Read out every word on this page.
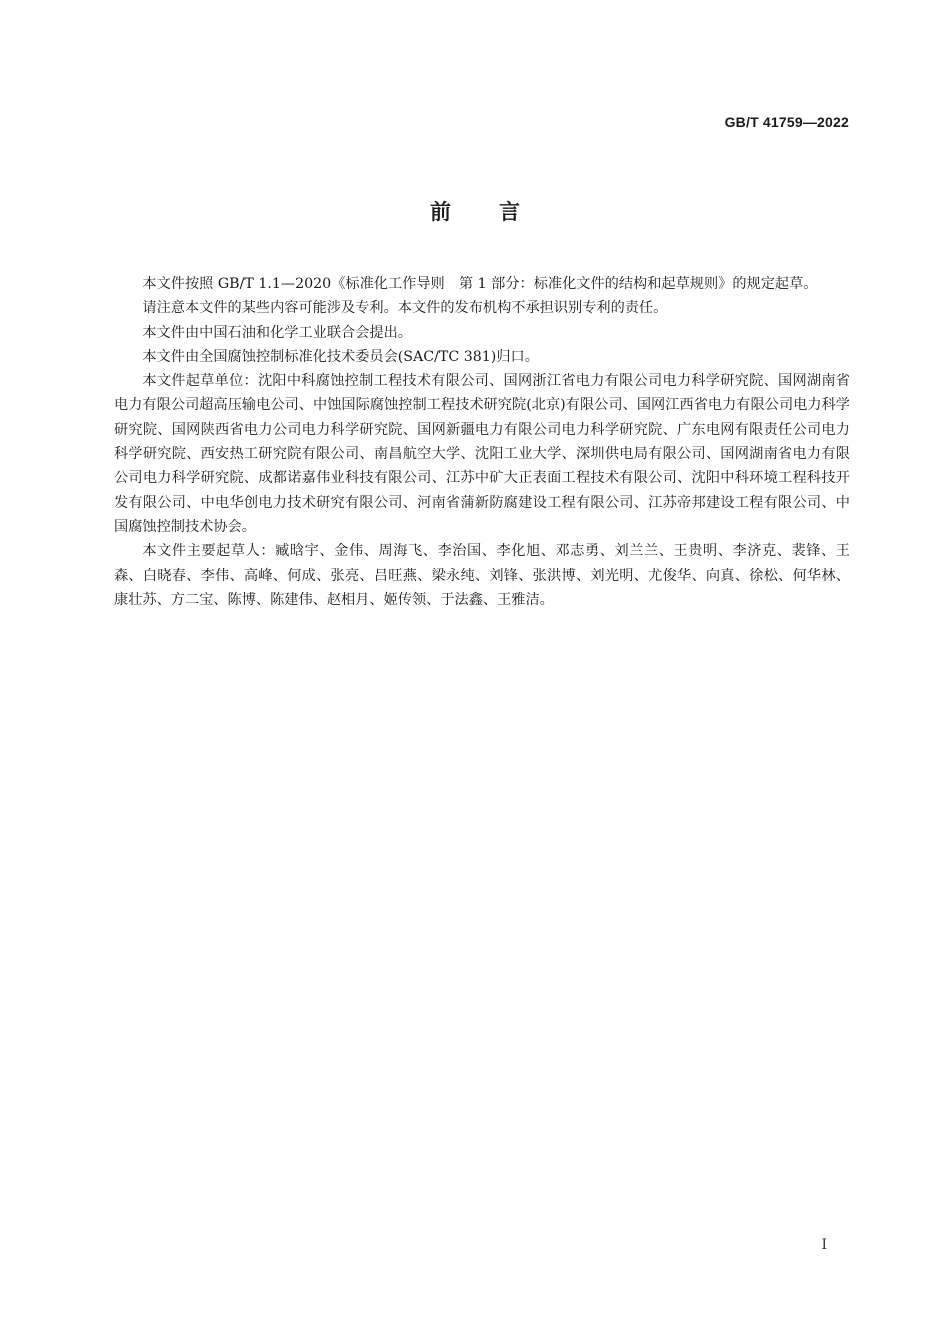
GB/T 41759—2022
前 言

本文件按照 GB/T 1.1—2020《标准化工作导则　第 1 部分：标准化文件的结构和起草规则》的规定起草。

请注意本文件的某些内容可能涉及专利。本文件的发布机构不承担识别专利的责任。

本文件由中国石油和化学工业联合会提出。

本文件由全国腐蚀控制标准化技术委员会(SAC/TC 381)归口。

本文件起草单位：沈阳中科腐蚀控制工程技术有限公司、国网浙江省电力有限公司电力科学研究院、国网湖南省电力有限公司超高压输电公司、中蚀国际腐蚀控制工程技术研究院(北京)有限公司、国网江西省电力有限公司电力科学研究院、国网陕西省电力公司电力科学研究院、国网新疆电力有限公司电力科学研究院、广东电网有限责任公司电力科学研究院、西安热工研究院有限公司、南昌航空大学、沈阳工业大学、深圳供电局有限公司、国网湖南省电力有限公司电力科学研究院、成都诺嘉伟业科技有限公司、江苏中矿大正表面工程技术有限公司、沈阳中科环境工程科技开发有限公司、中电华创电力技术研究有限公司、河南省蒲新防腐建设工程有限公司、江苏帝邦建设工程有限公司、中国腐蚀控制技术协会。

本文件主要起草人：臧晗宇、金伟、周海飞、李治国、李化旭、邓志勇、刘兰兰、王贵明、李济克、裴锋、王森、白晓春、李伟、高峰、何成、张亮、吕旺燕、梁永纯、刘锋、张洪博、刘光明、尤俊华、向真、徐松、何华林、康壮苏、方二宝、陈博、陈建伟、赵相月、姬传领、于法鑫、王雅洁。

I
